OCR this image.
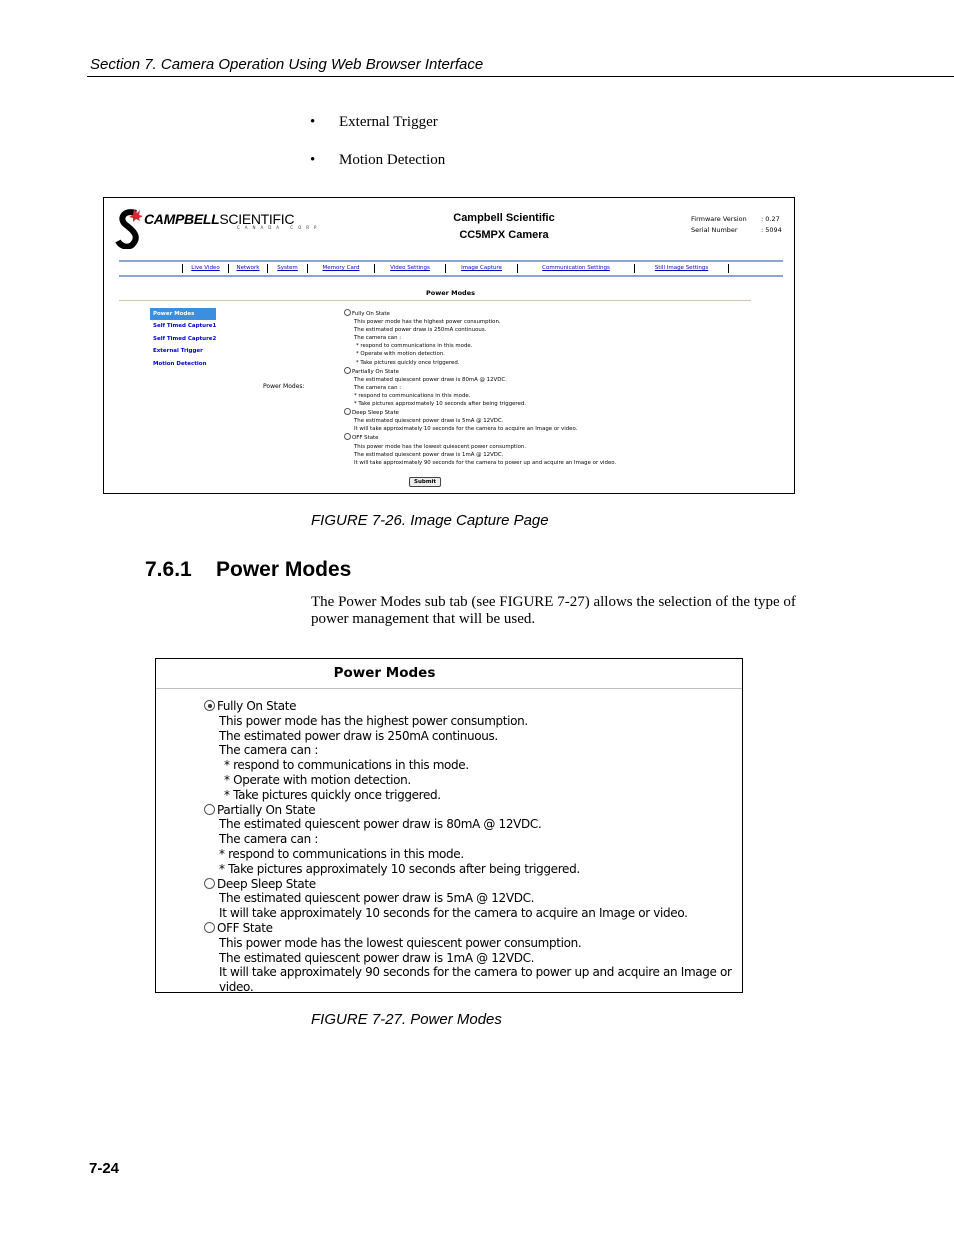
Section 7. Camera Operation Using Web Browser Interface
• External Trigger
• Motion Detection
CAMPBELLSCIENTIFIC
CANADA CORP
Campbell Scientific
CC5MPX Camera
Firmware Version : 0.27
Serial Number	: 5094
Live Video	Network	System	Memory Card	Video Settings	Image Capture	Communication Settings	Still Image Settings
Power Modes
Power Modes
Self Timed Capture1
Self Timed Capture2
External Trigger
Motion Detection
Power Modes:
Fully On State
This power mode has the highest power consumption.
The estimated power draw is 250mA continuous.
The camera can :
* respond to communications in this mode.
* Operate with motion detection.
* Take pictures quickly once triggered.
Partially On State
The estimated quiescent power draw is 80mA @ 12VDC.
The camera can :
* respond to communications in this mode.
* Take pictures approximately 10 seconds after being triggered.
Deep Sleep State
The estimated quiescent power draw is 5mA @ 12VDC.
It will take approximately 10 seconds for the camera to acquire an Image or video.
OFF State
This power mode has the lowest quiescent power consumption.
The estimated quiescent power draw is 1mA @ 12VDC.
It will take approximately 90 seconds for the camera to power up and acquire an Image or video.
Submit
FIGURE 7-26. Image Capture Page
7.6.1 Power Modes
The Power Modes sub tab (see FIGURE 7-27) allows the selection of the type of power management that will be used.
Power Modes
Fully On State
This power mode has the highest power consumption.
The estimated power draw is 250mA continuous.
The camera can :
* respond to communications in this mode.
* Operate with motion detection.
* Take pictures quickly once triggered.
Partially On State
The estimated quiescent power draw is 80mA @ 12VDC.
The camera can :
* respond to communications in this mode.
* Take pictures approximately 10 seconds after being triggered.
Deep Sleep State
The estimated quiescent power draw is 5mA @ 12VDC.
It will take approximately 10 seconds for the camera to acquire an Image or video.
OFF State
This power mode has the lowest quiescent power consumption.
The estimated quiescent power draw is 1mA @ 12VDC.
It will take approximately 90 seconds for the camera to power up and acquire an Image or video.
FIGURE 7-27. Power Modes
7-24
